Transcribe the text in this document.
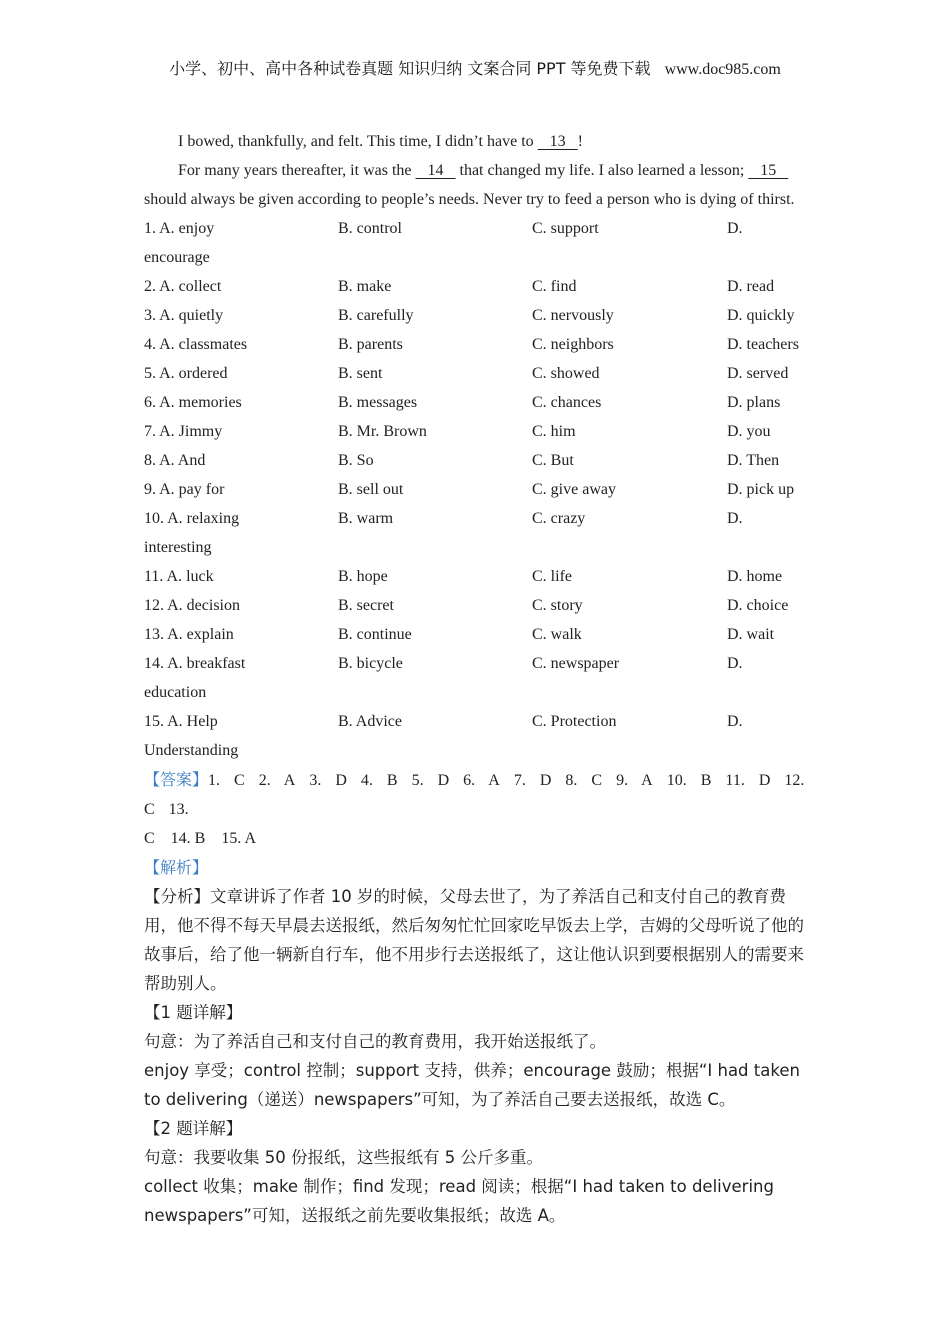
小学、初中、高中各种试卷真题 知识归纳 文案合同 PPT 等免费下载 www.doc985.com

I bowed, thankfully, and felt. This time, I didn’t have to    13   !

For many years thereafter, it was the    14    that changed my life. I also learned a lesson;    15    should always be given according to people’s needs. Never try to feed a person who is dying of thirst.

1. A. enjoy	B. control	C. support	D.
encourage
2. A. collect	B. make	C. find	D. read
3. A. quietly	B. carefully	C. nervously	D. quickly
4. A. classmates	B. parents	C. neighbors	D. teachers
5. A. ordered	B. sent	C. showed	D. served
6. A. memories	B. messages	C. chances	D. plans
7. A. Jimmy	B. Mr. Brown	C. him	D. you
8. A. And	B. So	C. But	D. Then
9. A. pay for	B. sell out	C. give away	D. pick up
10. A. relaxing	B. warm	C. crazy	D.
interesting
11. A. luck	B. hope	C. life	D. home
12. A. decision	B. secret	C. story	D. choice
13. A. explain	B. continue	C. walk	D. wait
14. A. breakfast	B. bicycle	C. newspaper	D.
education
15. A. Help	B. Advice	C. Protection	D.
Understanding
【答案】1. C 2. A 3. D 4. B 5. D 6. A 7. D 8. C 9. A 10. B 11. D 12. C 13.
C    14. B    15. A
【解析】

【分析】文章讲诉了作者 10 岁的时候，父母去世了，为了养活自己和支付自己的教育费用，他不得不每天早晨去送报纸，然后匆匆忙忙回家吃早饭去上学，吉姆的父母听说了他的故事后，给了他一辆新自行车，他不用步行去送报纸了，这让他认识到要根据别人的需要来帮助别人。

【1 题详解】
句意：为了养活自己和支付自己的教育费用，我开始送报纸了。

enjoy 享受；control 控制；support 支持，供养；encourage 鼓励；根据“I had taken to delivering（递送）newspapers”可知，为了养活自己要去送报纸，故选 C。

【2 题详解】
句意：我要收集 50 份报纸，这些报纸有 5 公斤多重。

collect 收集；make 制作；find 发现；read 阅读；根据“I had taken to delivering newspapers”可知，送报纸之前先要收集报纸；故选 A。
